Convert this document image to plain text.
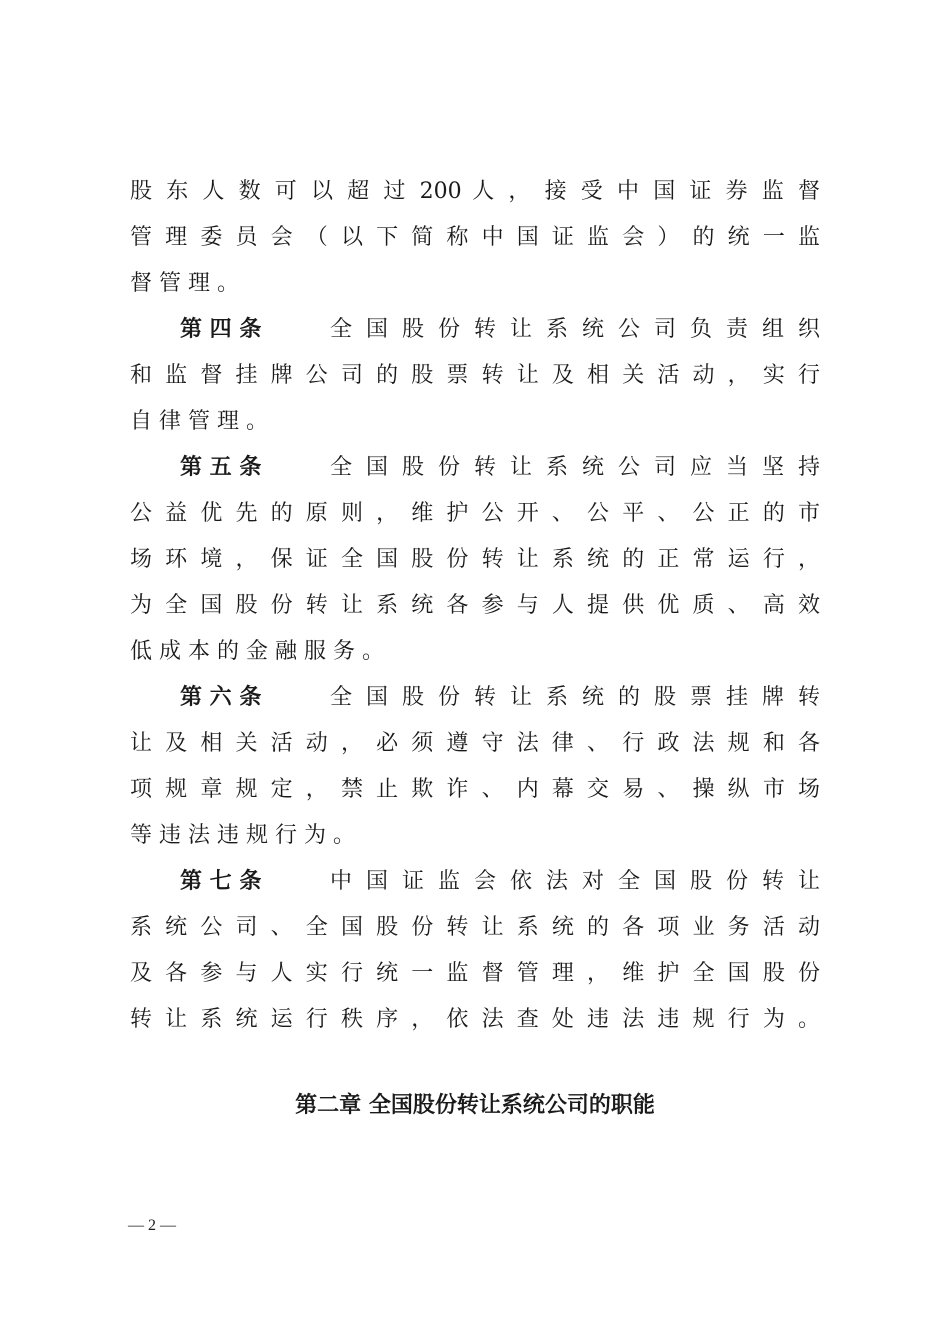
股 东 人 数 可 以 超 过 200 人 ， 接 受 中 国 证 券 监 督
管 理 委 员 会 （ 以 下 简 称 中 国 证 监 会 ） 的 统 一 监
督 管 理 。
第 四 条	全 国 股 份 转 让 系 统 公 司 负 责 组 织
和 监 督 挂 牌 公 司 的 股 票 转 让 及 相 关 活 动 ， 实 行
自 律 管 理 。
第 五 条	全 国 股 份 转 让 系 统 公 司 应 当 坚 持
公 益 优 先 的 原 则 ， 维 护 公 开 、 公 平 、 公 正 的 市
场 环 境 ， 保 证 全 国 股 份 转 让 系 统 的 正 常 运 行 ，
为 全 国 股 份 转 让 系 统 各 参 与 人 提 供 优 质 、 高 效
低 成 本 的 金 融 服 务 。
第 六 条	全 国 股 份 转 让 系 统 的 股 票 挂 牌 转
让 及 相 关 活 动 ， 必 须 遵 守 法 律 、 行 政 法 规 和 各
项 规 章 规 定 ， 禁 止 欺 诈 、 内 幕 交 易 、 操 纵 市 场
等 违 法 违 规 行 为 。
第 七 条	中 国 证 监 会 依 法 对 全 国 股 份 转 让
系 统 公 司 、 全 国 股 份 转 让 系 统 的 各 项 业 务 活 动
及 各 参 与 人 实 行 统 一 监 督 管 理 ， 维 护 全 国 股 份
转 让 系 统 运 行 秩 序 ， 依 法 查 处 违 法 违 规 行 为 。
第二章 全国股份转让系统公司的职能
— 2 —
